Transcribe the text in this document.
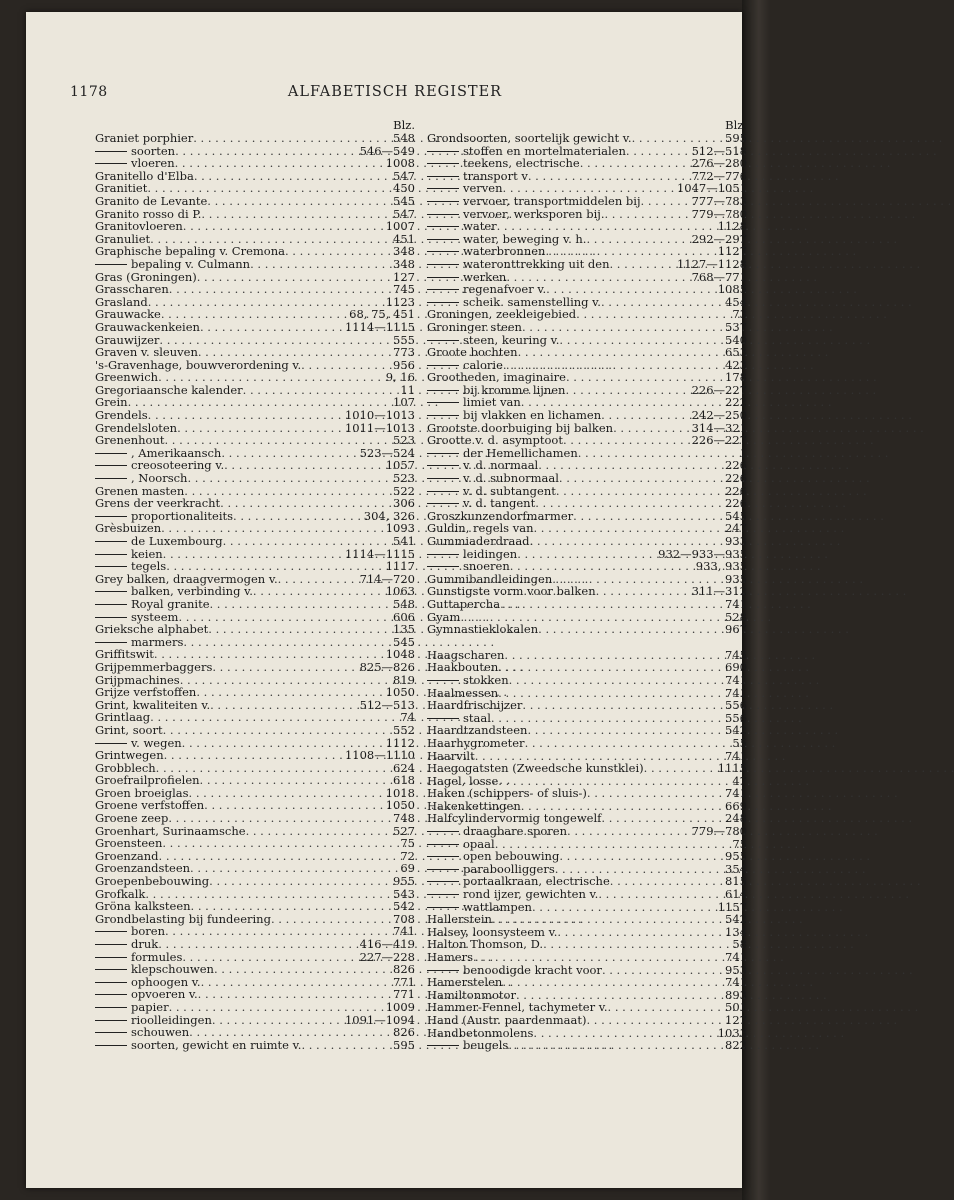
1178	ALFABETISCH REGISTER
Blz.
Graniet porphier . . .	548
soorten . . .	546—549
vloeren . . .	1008
Granitello d'Elba . . .	547
Granitiet . . .	450
Granito de Levante . . .	545
Granito rosso di P. . . .	547
Granitovloeren . . .	1007
Granuliet . . .	451
Graphische bepaling v. Cremona . . .	348
bepaling v. Culmann . . .	348
Gras (Groningen) . . .	127
Grasscharen . . .	745
Grasland . . .	1123
Grauwacke . . .	68, 75, 451
Grauwackenkeien . . .	1114—1115
Grauwijzer . . .	555
Graven v. sleuven . . .	773
's-Gravenhage, bouwverordening v. . . .	956
Greenwich . . .	9, 16
Gregoriaansche kalender . . .	11
Grein . . .	107
Grendels . . .	1010—1013
Grendelsloten . . .	1011—1013
Grenenhout . . .	523
, Amerikaansch . . .	523—524
creosoteering v. . . .	1057
, Noorsch . . .	523
Grenen masten . . .	522
Grens der veerkracht . . .	306
proportionaliteits . . .	304, 326
Grèsbuizen . . .	1093
de Luxembourg . . .	541
keien . . .	1114—1115
tegels . . .	1117
Grey balken, draagvermogen v. . . .	714—720
balken, verbinding v. . . .	1063
Royal granite . . .	548
systeem . . .	606
Grieksche alphabet . . .	135
marmers . . .	545
Griffitswit . . .	1048
Grijpemmerbaggers . . .	825—826
Grijpmachines . . .	819
Grijze verfstoffen . . .	1050
Grint, kwaliteiten v. . . .	512—513
Grintlaag . . .	74
Grint, soort . . .	552
v. wegen . . .	1112
Grintwegen . . .	1108—1110
Grobblech . . .	624
Groefrailprofielen . . .	618
Groen broeiglas . . .	1018
Groene verfstoffen . . .	1050
Groene zeep . . .	748
Groenhart, Surinaamsche . . .	527
Groensteen . . .	75
Groenzand . . .	72
Groenzandsteen . . .	69
Groepenbebouwing . . .	955
Grofkalk . . .	543
Gröna kalksteen . . .	542
Grondbelasting bij fundeering . . .	708
boren . . .	741
druk . . .	416—419
formules . . .	227—228
klepschouwen . . .	826
ophoogen v. . . .	771
opvoeren v. . . .	771
papier . . .	1009
rioolleidingen . . .	1091—1094
schouwen . . .	826
soorten, gewicht en ruimte v. . . .	595
Blz.
Grondsoorten, soortelijk gewicht v. . . .	595
stoffen en mortelmaterialen . . .	512—518
teekens, electrische . . .	276—280
transport v . . .	772—776
verven . . .	1047—1051
vervoer, transportmiddelen bij . . .	777—783
vervoer, werksporen bij. . . .	779—780
water . . .	1128
water, beweging v. h. . . .	292—297
waterbronnen . . .	1127
wateronttrekking uit den . . .	1127—1128
werken . . .	768—771
regenafvoer v. . . .	1085
scheik. samenstelling v. . . .	454
Groningen, zeekleigebied . . .	73
Groninger steen . . .	537
steen, keuring v. . . .	540
Groote bochten . . .	653
calorie . . .	423
Grootheden, imaginaire . . .	178
bij kromme lijnen . . .	226—227
limiet van . . .	222
bij vlakken en lichamen . . .	242—250
Grootste doorbuiging bij balken . . .	314—321
Grootte v. d. asymptoot . . .	226—227
der Hemellichamen . . .	1
v. d. normaal . . .	226
v. d. subnormaal . . .	226
v. d. subtangent . . .	226
v. d. tangent . . .	226
Groszkunzendorfmarmer . . .	545
Guldin, regels van . . .	247
Gummiaderdraad . . .	933
leidingen . . .	932—933—935
snoeren . . .	933, 935
Gummibandleidingen . . .	935
Gunstigste vorm voor balken . . .	311—312
Guttapercha . . .	741
Gyam . . .	528
Gymnastieklokalen . . .	967
Haagscharen . . .	745
Haakbouten . . .	690
stokken . . .	741
Haalmessen . . .	741
Haardfrischijzer . . .	556
staal . . .	556
Haardtzandsteen . . .	542
Haarhygrometer . . .	55
Haarvilt . . .	741
Haegogatsten (Zweedsche kunstklei) . . .	1115
Hagel, losse . . .	47
Haken (schippers- of sluis-) . . .	741
Hakenkettingen . . .	669
Halfcylindervormig tongewelf . . .	248
draagbare sporen . . .	779—780
opaal . . .	75
open bebouwing . . .	955
paraboolliggers . . .	354
portaalkraan, electrische . . .	815
rond ijzer, gewichten v. . . .	614
wattlampen . . .	1157
Hallerstein . . .	542
Halsey, loonsysteem v. . . .	134
Halton Thomson, D. . . .	58
Hamers . . .	741
benoodigde kracht voor . . .	953
Hamerstelen . . .	741
Hamiltonmotor . . .	893
Hammer-Fennel, tachymeter v. . . .	501
Hand (Austr. paardenmaat) . . .	127
Handbetonmolens . . .	1033
beugels . . .	822
